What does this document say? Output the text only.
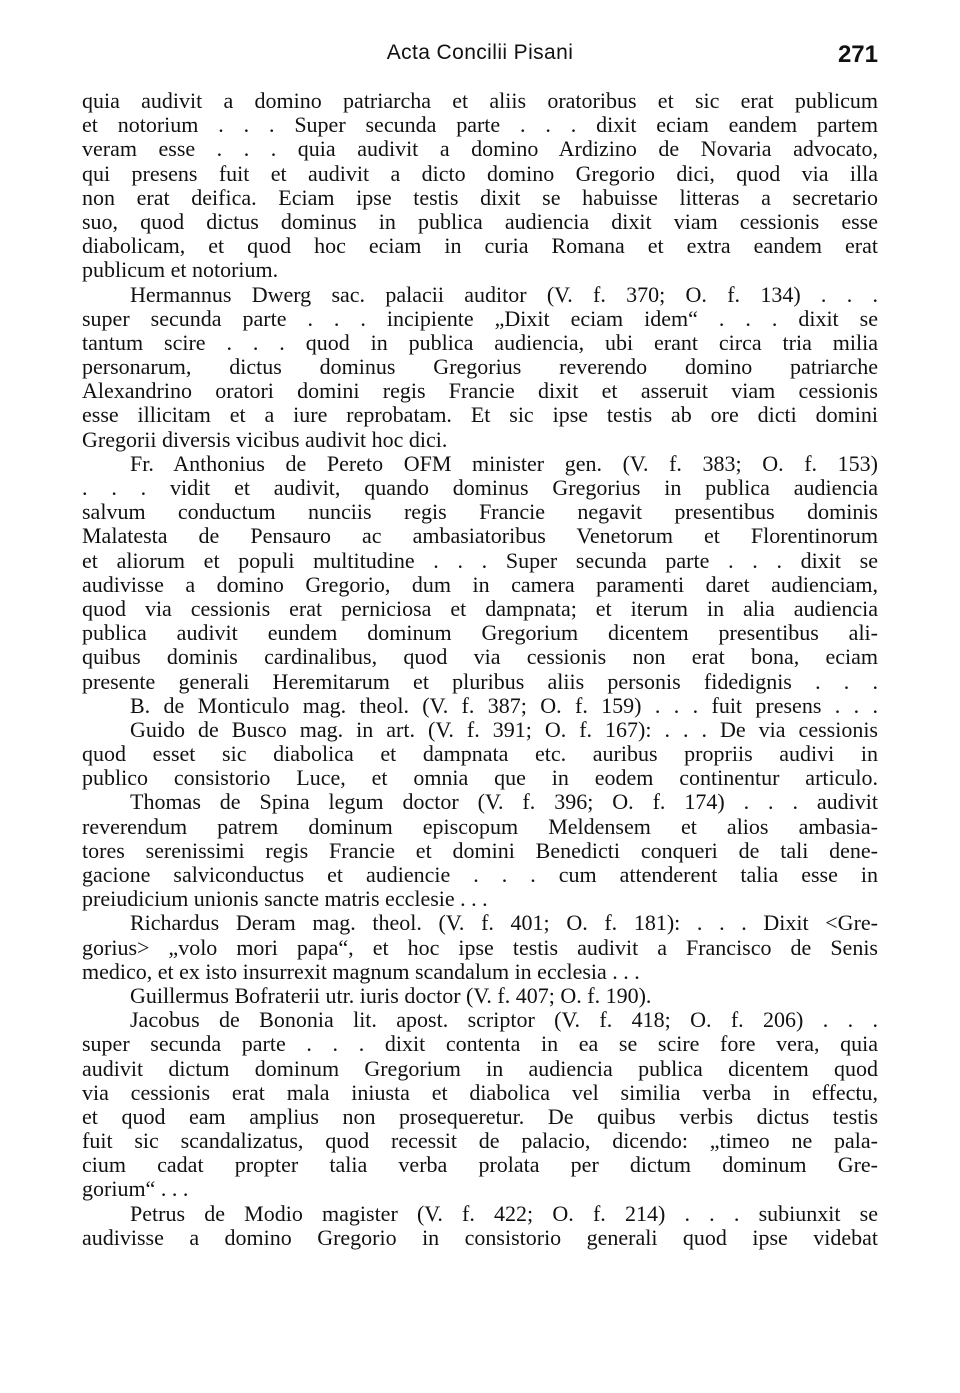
Acta Concilii Pisani	271
quia audivit a domino patriarcha et aliis oratoribus et sic erat publicum
et notorium . . . Super secunda parte . . . dixit eciam eandem partem
veram esse . . . quia audivit a domino Ardizino de Novaria advocato,
qui presens fuit et audivit a dicto domino Gregorio dici, quod via illa
non erat deifica. Eciam ipse testis dixit se habuisse litteras a secretario
suo, quod dictus dominus in publica audiencia dixit viam cessionis esse
diabolicam, et quod hoc eciam in curia Romana et extra eandem erat
publicum et notorium.
Hermannus Dwerg sac. palacii auditor (V. f. 370; O. f. 134) . . .
super secunda parte . . . incipiente „Dixit eciam idem“ . . . dixit se
tantum scire . . . quod in publica audiencia, ubi erant circa tria milia
personarum, dictus dominus Gregorius reverendo domino patriarche
Alexandrino oratori domini regis Francie dixit et asseruit viam cessionis
esse illicitam et a iure reprobatam. Et sic ipse testis ab ore dicti domini
Gregorii diversis vicibus audivit hoc dici.
Fr. Anthonius de Pereto OFM minister gen. (V. f. 383; O. f. 153)
. . . vidit et audivit, quando dominus Gregorius in publica audiencia
salvum conductum nunciis regis Francie negavit presentibus dominis
Malatesta de Pensauro ac ambasiatoribus Venetorum et Florentinorum
et aliorum et populi multitudine . . . Super secunda parte . . . dixit se
audivisse a domino Gregorio, dum in camera paramenti daret audienciam,
quod via cessionis erat perniciosa et dampnata; et iterum in alia audiencia
publica audivit eundem dominum Gregorium dicentem presentibus ali-
quibus dominis cardinalibus, quod via cessionis non erat bona, eciam
presente generali Heremitarum et pluribus aliis personis fidedignis . . .
B. de Monticulo mag. theol. (V. f. 387; O. f. 159) . . . fuit presens . . .
Guido de Busco mag. in art. (V. f. 391; O. f. 167): . . . De via cessionis
quod esset sic diabolica et dampnata etc. auribus propriis audivi in
publico consistorio Luce, et omnia que in eodem continentur articulo.
Thomas de Spina legum doctor (V. f. 396; O. f. 174) . . . audivit
reverendum patrem dominum episcopum Meldensem et alios ambasia-
tores serenissimi regis Francie et domini Benedicti conqueri de tali dene-
gacione salviconductus et audiencie . . . cum attenderent talia esse in
preiudicium unionis sancte matris ecclesie . . .
Richardus Deram mag. theol. (V. f. 401; O. f. 181): . . . Dixit <Gre-
gorius> „volo mori papa“, et hoc ipse testis audivit a Francisco de Senis
medico, et ex isto insurrexit magnum scandalum in ecclesia . . .
Guillermus Bofraterii utr. iuris doctor (V. f. 407; O. f. 190).
Jacobus de Bononia lit. apost. scriptor (V. f. 418; O. f. 206) . . .
super secunda parte . . . dixit contenta in ea se scire fore vera, quia
audivit dictum dominum Gregorium in audiencia publica dicentem quod
via cessionis erat mala iniusta et diabolica vel similia verba in effectu,
et quod eam amplius non prosequeretur. De quibus verbis dictus testis
fuit sic scandalizatus, quod recessit de palacio, dicendo: „timeo ne pala-
cium cadat propter talia verba prolata per dictum dominum Gre-
gorium“ . . .
Petrus de Modio magister (V. f. 422; O. f. 214) . . . subiunxit se
audivisse a domino Gregorio in consistorio generali quod ipse videbat
